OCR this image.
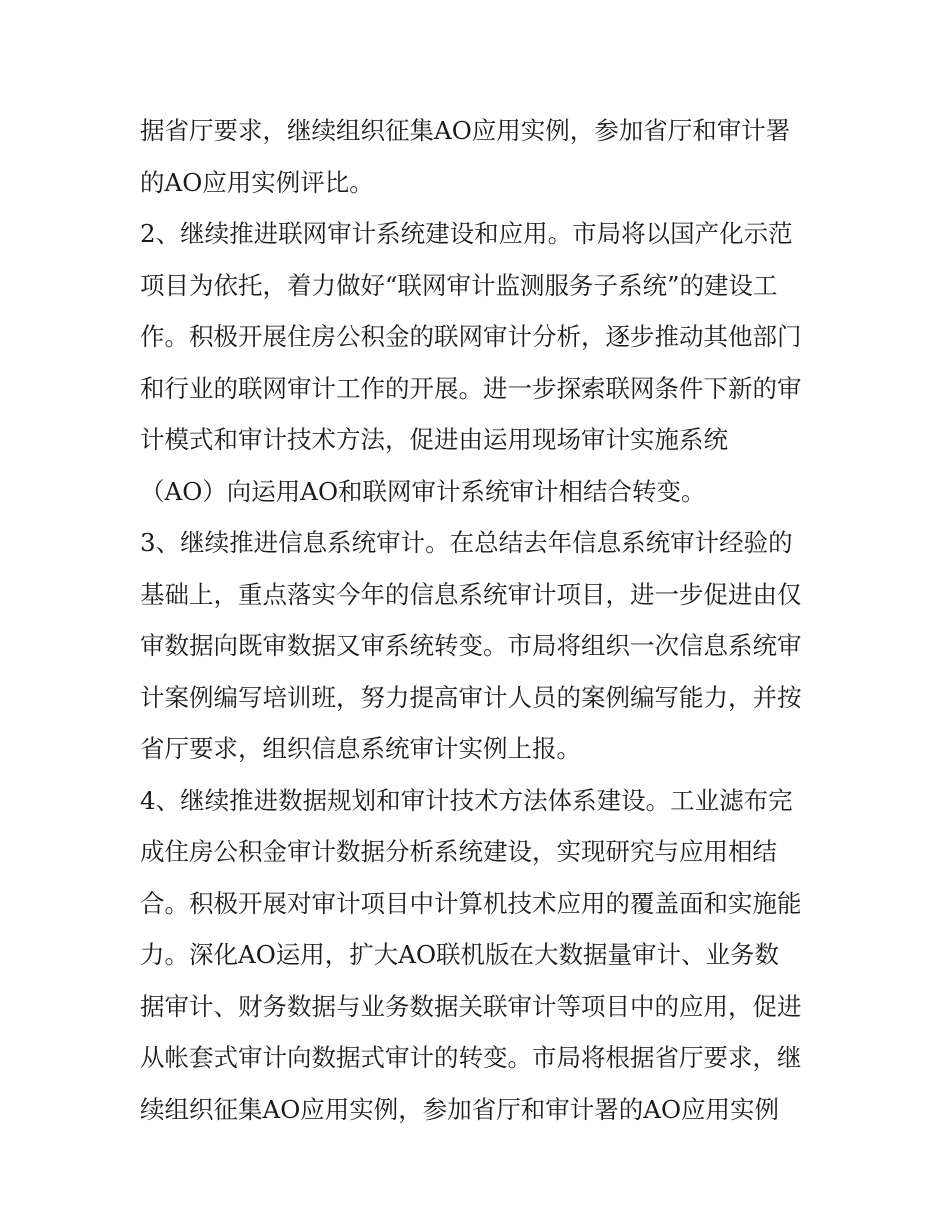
据省厅要求，继续组织征集AO应用实例，参加省厅和审计署
的AO应用实例评比。
2、继续推进联网审计系统建设和应用。市局将以国产化示范
项目为依托，着力做好“联网审计监测服务子系统”的建设工
作。积极开展住房公积金的联网审计分析，逐步推动其他部门
和行业的联网审计工作的开展。进一步探索联网条件下新的审
计模式和审计技术方法，促进由运用现场审计实施系统
（AO）向运用AO和联网审计系统审计相结合转变。
3、继续推进信息系统审计。在总结去年信息系统审计经验的
基础上，重点落实今年的信息系统审计项目，进一步促进由仅
审数据向既审数据又审系统转变。市局将组织一次信息系统审
计案例编写培训班，努力提高审计人员的案例编写能力，并按
省厅要求，组织信息系统审计实例上报。
4、继续推进数据规划和审计技术方法体系建设。工业滤布完
成住房公积金审计数据分析系统建设，实现研究与应用相结
合。积极开展对审计项目中计算机技术应用的覆盖面和实施能
力。深化AO运用，扩大AO联机版在大数据量审计、业务数
据审计、财务数据与业务数据关联审计等项目中的应用，促进
从帐套式审计向数据式审计的转变。市局将根据省厅要求，继
续组织征集AO应用实例，参加省厅和审计署的AO应用实例
